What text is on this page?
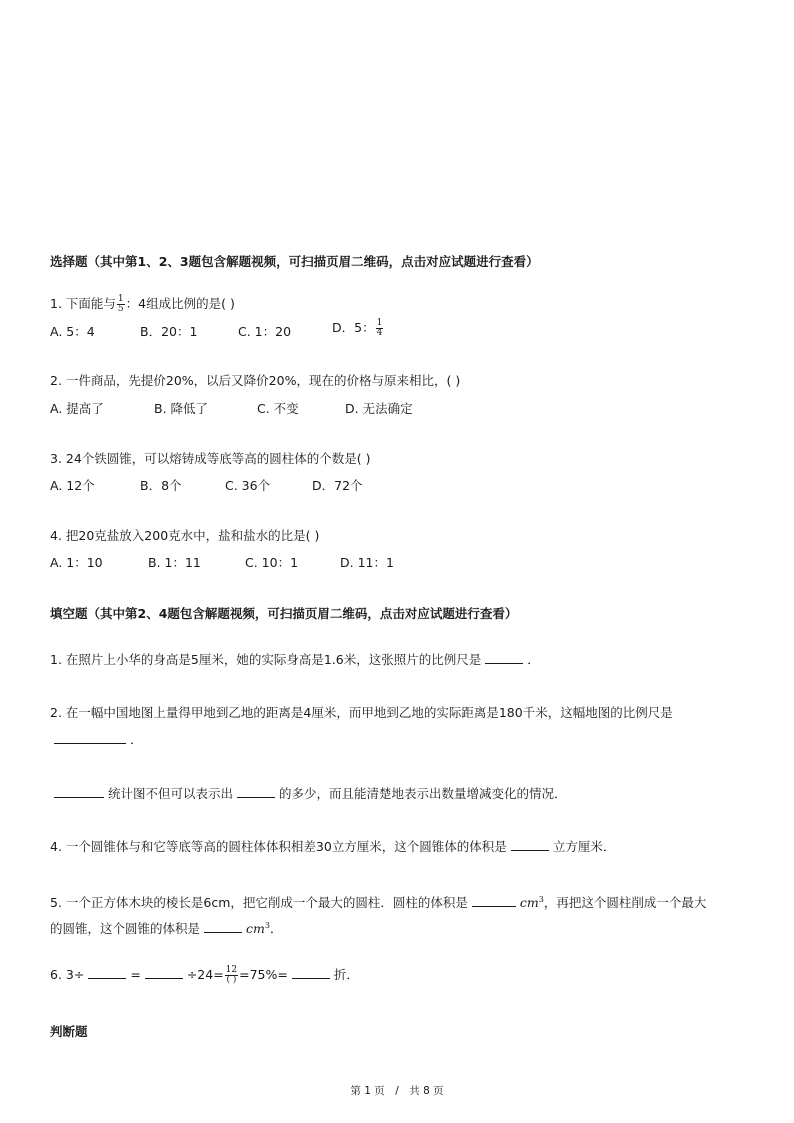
选择题（其中第1、2、3题包含解题视频，可扫描页眉二维码，点击对应试题进行查看）
1. 下面能与 $\frac{1}{5}$ ：4组成比例的是( )
A. 5：4	B．20：1	C. 1：20	D．5： $\frac{1}{4}$
2. 一件商品，先提价20%，以后又降价20%，现在的价格与原来相比，( )
A. 提高了	B. 降低了	C. 不变	D. 无法确定
3. 24个铁圆锥，可以熔铸成等底等高的圆柱体的个数是( )
A. 12个	B．8个	C. 36个	D．72个
4. 把20克盐放入200克水中，盐和盐水的比是( )
A. 1：10	B. 1：11	C. 10：1	D. 11：1
填空题（其中第2、4题包含解题视频，可扫描页眉二维码，点击对应试题进行查看）
1. 在照片上小华的身高是5厘米，她的实际身高是1.6米，这张照片的比例尺是	．
2. 在一幅中国地图上量得甲地到乙地的距离是4厘米，而甲地到乙地的实际距离是180千米，这幅地图的比例尺是
．
统计图不但可以表示出	的多少，而且能清楚地表示出数量增减变化的情况．
4. 一个圆锥体与和它等底等高的圆柱体体积相差30立方厘米，这个圆锥体的体积是	立方厘米．
5. 一个正方体木块的棱长是6cm，把它削成一个最大的圆柱．圆柱的体积是	$cm^3$，再把这个圆柱削成一个最大
的圆锥，这个圆锥的体积是	$cm^3$．
6. 3÷	=	$\div 24= \frac{12}{( )} =75\%=$	折．
判断题
第 1 页　/　共 8 页
